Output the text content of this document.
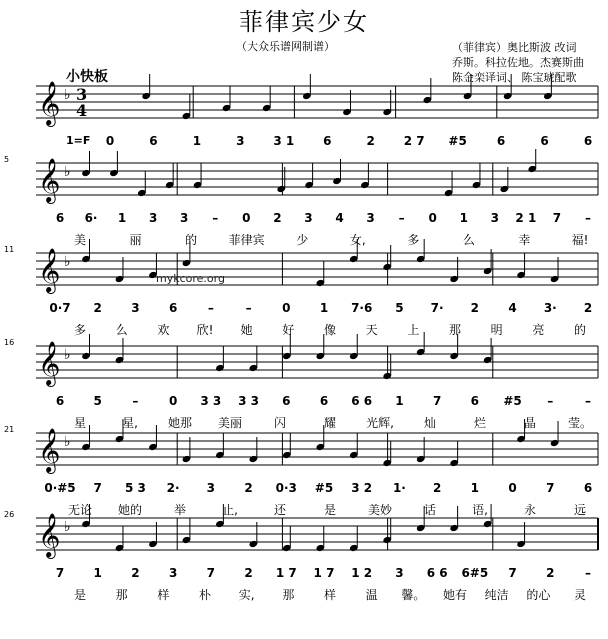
菲律宾少女
（大众乐谱网制谱）	（菲律宾）奥比斯波 改词
乔斯。科拉佐地。杰赛斯曲
陈金栾译词、 陈宝琥配歌
小快板
𝄞 ♭ 3
4
1=F 0	6	1	3 3 1 6	2 2 7 #5	6	6	6
𝄞 ♭
5
6 6· 1 3 3 – 0 2 3 4 3 – 0 1 3 2 1 7 –
美	丽	的	菲律宾	少	女,	多	么	幸	福!
𝄞 ♭
11
0·7 2 3 6	–	–	0 1 7·6 5 7· 2 4 3· 2
多 么 欢 欣! 她 好 像 天 上 那 明 亮 的
𝄞 ♭
16
6 5	–	0 3 3 3 3 6 6 6 6 1 7 6 #5 –	–
星	星,	她那 美丽	闪	耀	光辉,	灿	烂	晶	莹。
𝄞 ♭
21
0·#5 7 5 3 2· 3 2 0·3 #5 3 2 1· 2 1 0 7 6
无论 她的	举	止,	还	是	美妙	话	语,	永	远
𝄞 ♭
26
7 1 2 3 7 2 1 7 1 7 1 2 3 6 6 6#5 7 2	–
是 那 样 朴 实, 那 样 温 馨。 她有 纯洁 的心 灵
mykcore.org
